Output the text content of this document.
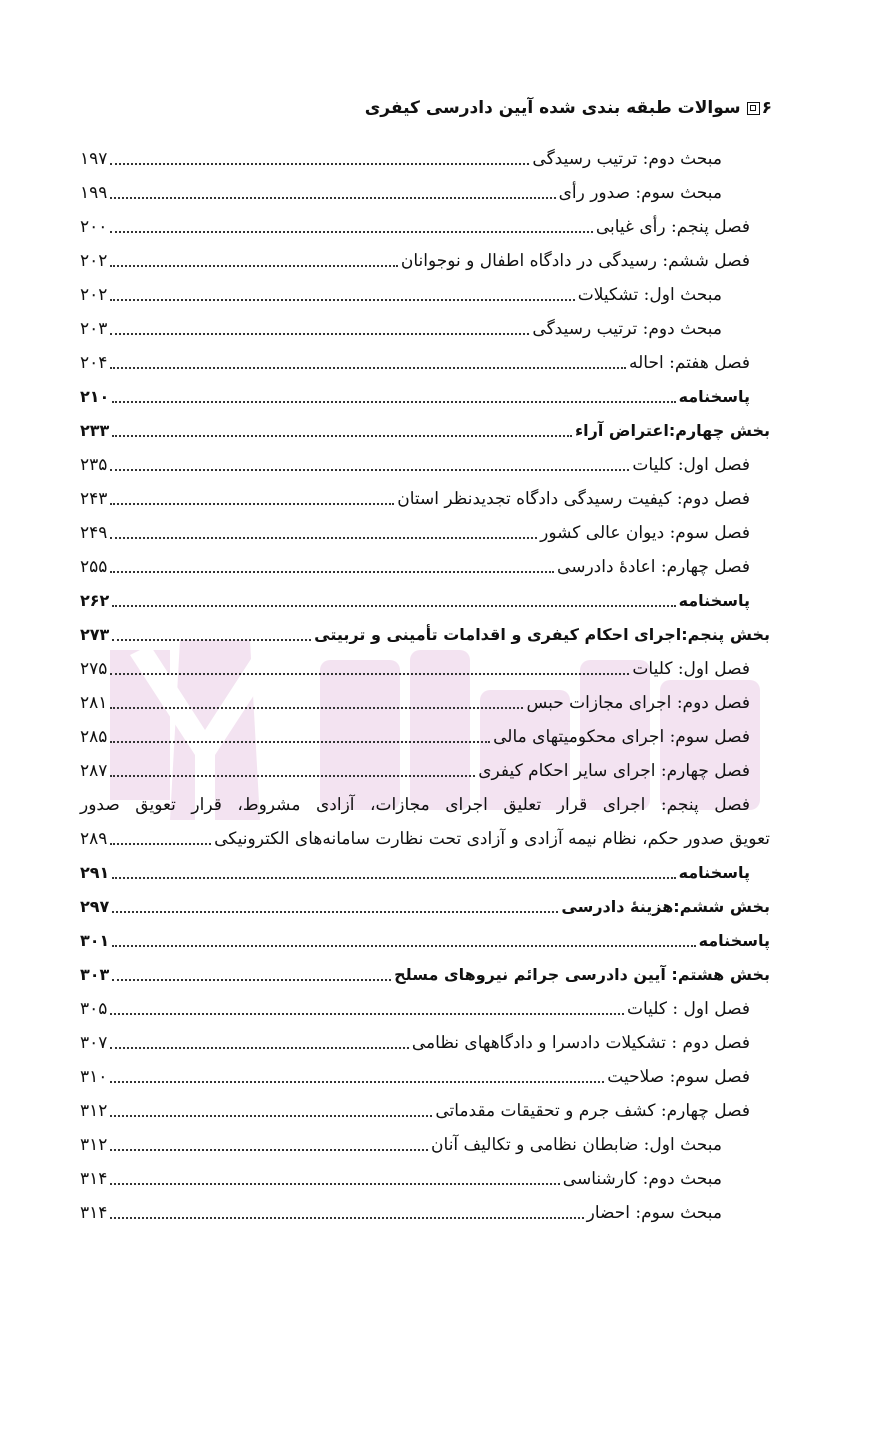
۶
سوالات طبقه بندی شده آیین دادرسی کیفری
مبحث دوم: ترتیب رسیدگی
۱۹۷
مبحث سوم: صدور رأی
۱۹۹
فصل پنجم: رأی غیابی
۲۰۰
فصل ششم: رسیدگی در دادگاه اطفال و نوجوانان
۲۰۲
مبحث اول: تشکیلات
۲۰۲
مبحث دوم: ترتیب رسیدگی
۲۰۳
فصل هفتم: احاله
۲۰۴
پاسخنامه
۲۱۰
بخش چهارم:اعتراض آراء
۲۳۳
فصل اول: کلیات
۲۳۵
فصل دوم: کیفیت رسیدگی دادگاه تجدیدنظر استان
۲۴۳
فصل سوم: دیوان عالی کشور
۲۴۹
فصل چهارم: اعادهٔ دادرسی
۲۵۵
پاسخنامه
۲۶۲
بخش پنجم:اجرای احکام کیفری و اقدامات تأمینی و تربیتی
۲۷۳
فصل اول: کلیات
۲۷۵
فصل دوم: اجرای مجازات حبس
۲۸۱
فصل سوم: اجرای محکومیتهای مالی
۲۸۵
فصل چهارم: اجرای سایر احکام کیفری
۲۸۷
فصل پنجم: اجرای قرار تعلیق اجرای مجازات، آزادی مشروط، قرار تعویق صدور
تعویق صدور حکم، نظام نیمه آزادی و آزادی تحت نظارت سامانه‌های الکترونیکی
۲۸۹
پاسخنامه
۲۹۱
بخش ششم:هزینهٔ دادرسی
۲۹۷
پاسخنامه
۳۰۱
بخش هشتم: آیین دادرسی جرائم نیروهای مسلح
۳۰۳
فصل اول : کلیات
۳۰۵
فصل دوم : تشکیلات دادسرا و دادگاههای نظامی
۳۰۷
فصل سوم: صلاحیت
۳۱۰
فصل چهارم: کشف جرم و تحقیقات مقدماتی
۳۱۲
مبحث اول: ضابطان نظامی و تکالیف آنان
۳۱۲
مبحث دوم: کارشناسی
۳۱۴
مبحث سوم: احضار
۳۱۴
